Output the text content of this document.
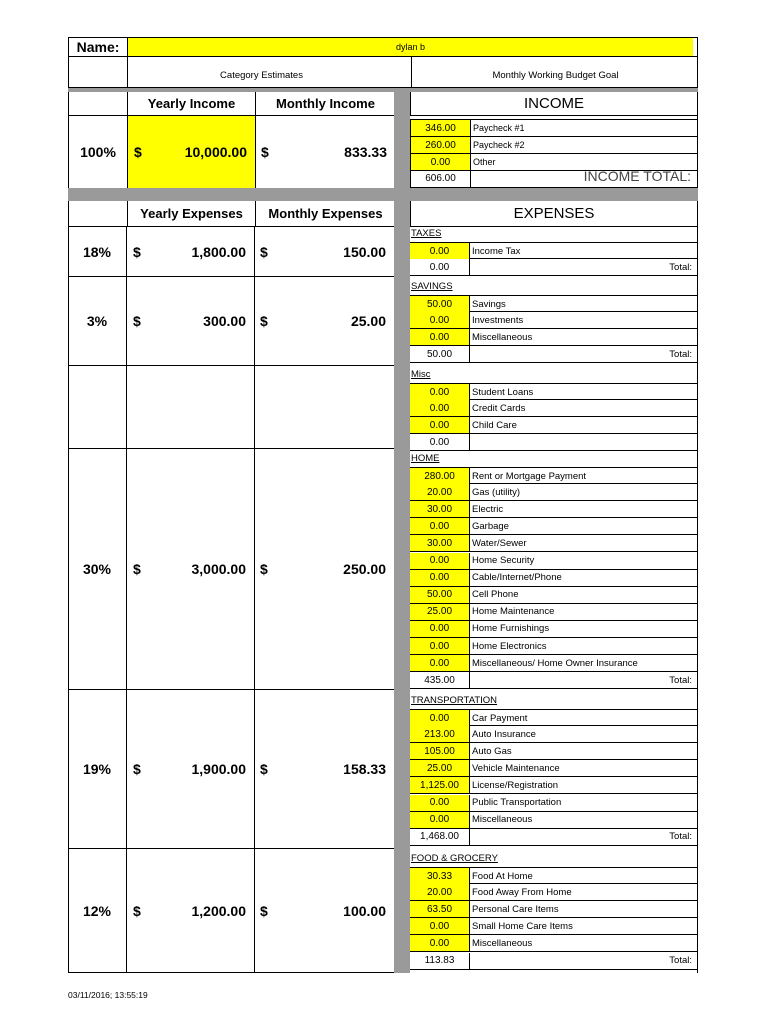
Name:	dylan b
Category Estimates	Monthly Working Budget Goal
Yearly Income	Monthly Income	INCOME
100%	$	10,000.00 $	833.33
346.00	Paycheck #1
260.00	Paycheck #2
0.00	Other
606.00	INCOME TOTAL:
Yearly Expenses	Monthly Expenses	EXPENSES
18%	$	1,800.00 $	150.00
3%	$	300.00 $	25.00
30%	$	3,000.00 $	250.00
19%	$	1,900.00 $	158.33
12%	$	1,200.00 $	100.00
TAXES
0.00	Income Tax
0.00	Total:
SAVINGS
50.00	Savings
0.00	Investments
0.00	Miscellaneous
50.00	Total:
Misc
0.00	Student Loans
0.00	Credit Cards
0.00	Child Care
0.00
HOME
280.00	Rent or Mortgage Payment
20.00	Gas (utility)
30.00	Electric
0.00	Garbage
30.00	Water/Sewer
0.00	Home Security
0.00	Cable/Internet/Phone
50.00	Cell Phone
25.00	Home Maintenance
0.00	Home Furnishings
0.00	Home Electronics
0.00	Miscellaneous/ Home Owner Insurance
435.00	Total:
TRANSPORTATION
0.00	Car Payment
213.00	Auto Insurance
105.00	Auto Gas
25.00	Vehicle Maintenance
1,125.00	License/Registration
0.00	Public Transportation
0.00	Miscellaneous
1,468.00	Total:
FOOD & GROCERY
30.33	Food At Home
20.00	Food Away From Home
63.50	Personal Care Items
0.00	Small Home Care Items
0.00	Miscellaneous
113.83	Total:
03/11/2016; 13:55:19
